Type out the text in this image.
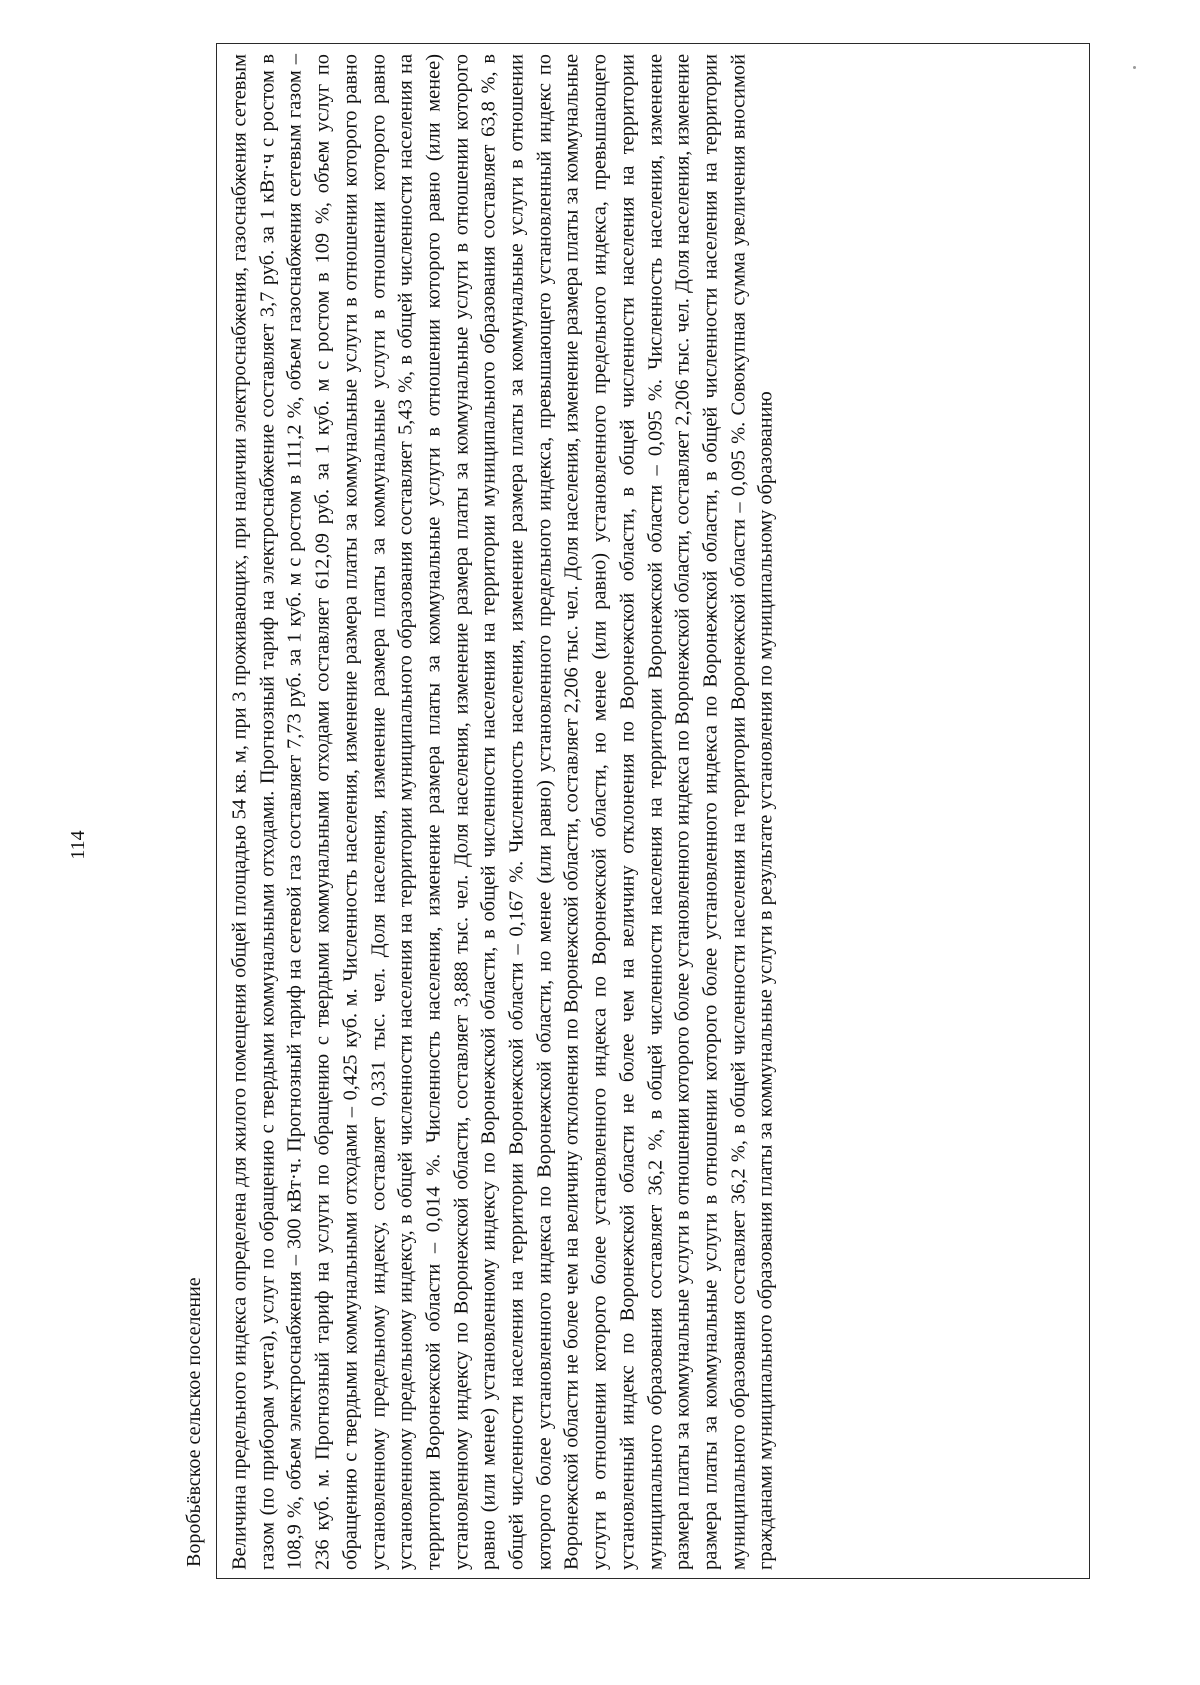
114	Величина предельного индекса определена для жилого помещения общей площадью 54 кв. м, при 3 проживающих, при наличии электроснабжения, газоснабжения сетевым газом (по приборам учета), услуг по обращению с твердыми коммунальными отходами. Прогнозный тариф на электроснабжение составляет 3,7 руб. за 1 кВт·ч с ростом в 108,9 %, объем электроснабжения – 300 кВт·ч. Прогнозный тариф на сетевой газ составляет 7,73 руб. за 1 куб. м с ростом в 111,2 %, объем газоснабжения сетевым газом – 236 куб. м. Прогнозный тариф на услуги по обращению с твердыми коммунальными отходами составляет 612,09 руб. за 1 куб. м с ростом в 109 %, объем услуг по обращению с твердыми коммунальными отходами – 0,425 куб. м. Численность населения, изменение размера платы за коммунальные услуги в отношении которого равно установленному предельному индексу, составляет 0,331 тыс. чел. Доля населения, изменение размера платы за коммунальные услуги в отношении которого равно установленному предельному индексу, в общей численности населения на территории муниципального образования составляет 5,43 %, в общей численности населения на территории Воронежской области – 0,014 %. Численность населения, изменение размера платы за коммунальные услуги в отношении которого равно (или менее) установленному индексу по Воронежской области, составляет 3,888 тыс. чел. Доля населения, изменение размера платы за коммунальные услуги в отношении которого равно (или менее) установленному индексу по Воронежской области, в общей численности населения на территории муниципального образования составляет 63,8 %, в общей численности населения на территории Воронежской области – 0,167 %. Численность населения, изменение размера платы за коммунальные услуги в отношении которого более установленного индекса по Воронежской области, но менее (или равно) установленного предельного индекса, превышающего установленный индекс по Воронежской области не более чем на величину отклонения по Воронежской области, составляет 2,206 тыс. чел. Доля населения, изменение размера платы за коммунальные услуги в отношении которого более установленного индекса по Воронежской области, но менее (или равно) установленного предельного индекса, превышающего установленный индекс по Воронежской области не более чем на величину отклонения по Воронежской области, в общей численности населения на территории муниципального образования составляет 36,2 %, в общей численности населения на территории Воронежской области – 0,095 %. Численность населения, изменение размера платы за коммунальные услуги в отношении которого более установленного индекса по Воронежской области, составляет 2,206 тыс. чел. Доля населения, изменение размера платы за коммунальные услуги в отношении которого более установленного индекса по Воронежской области, в общей численности населения на территории муниципального образования составляет 36,2 %, в общей численности населения на территории Воронежской области – 0,095 %. Совокупная сумма увеличения вносимой гражданами муниципального образования платы за коммунальные услуги в результате установления по муниципальному образованию
Воробьёвское сельское поселение
